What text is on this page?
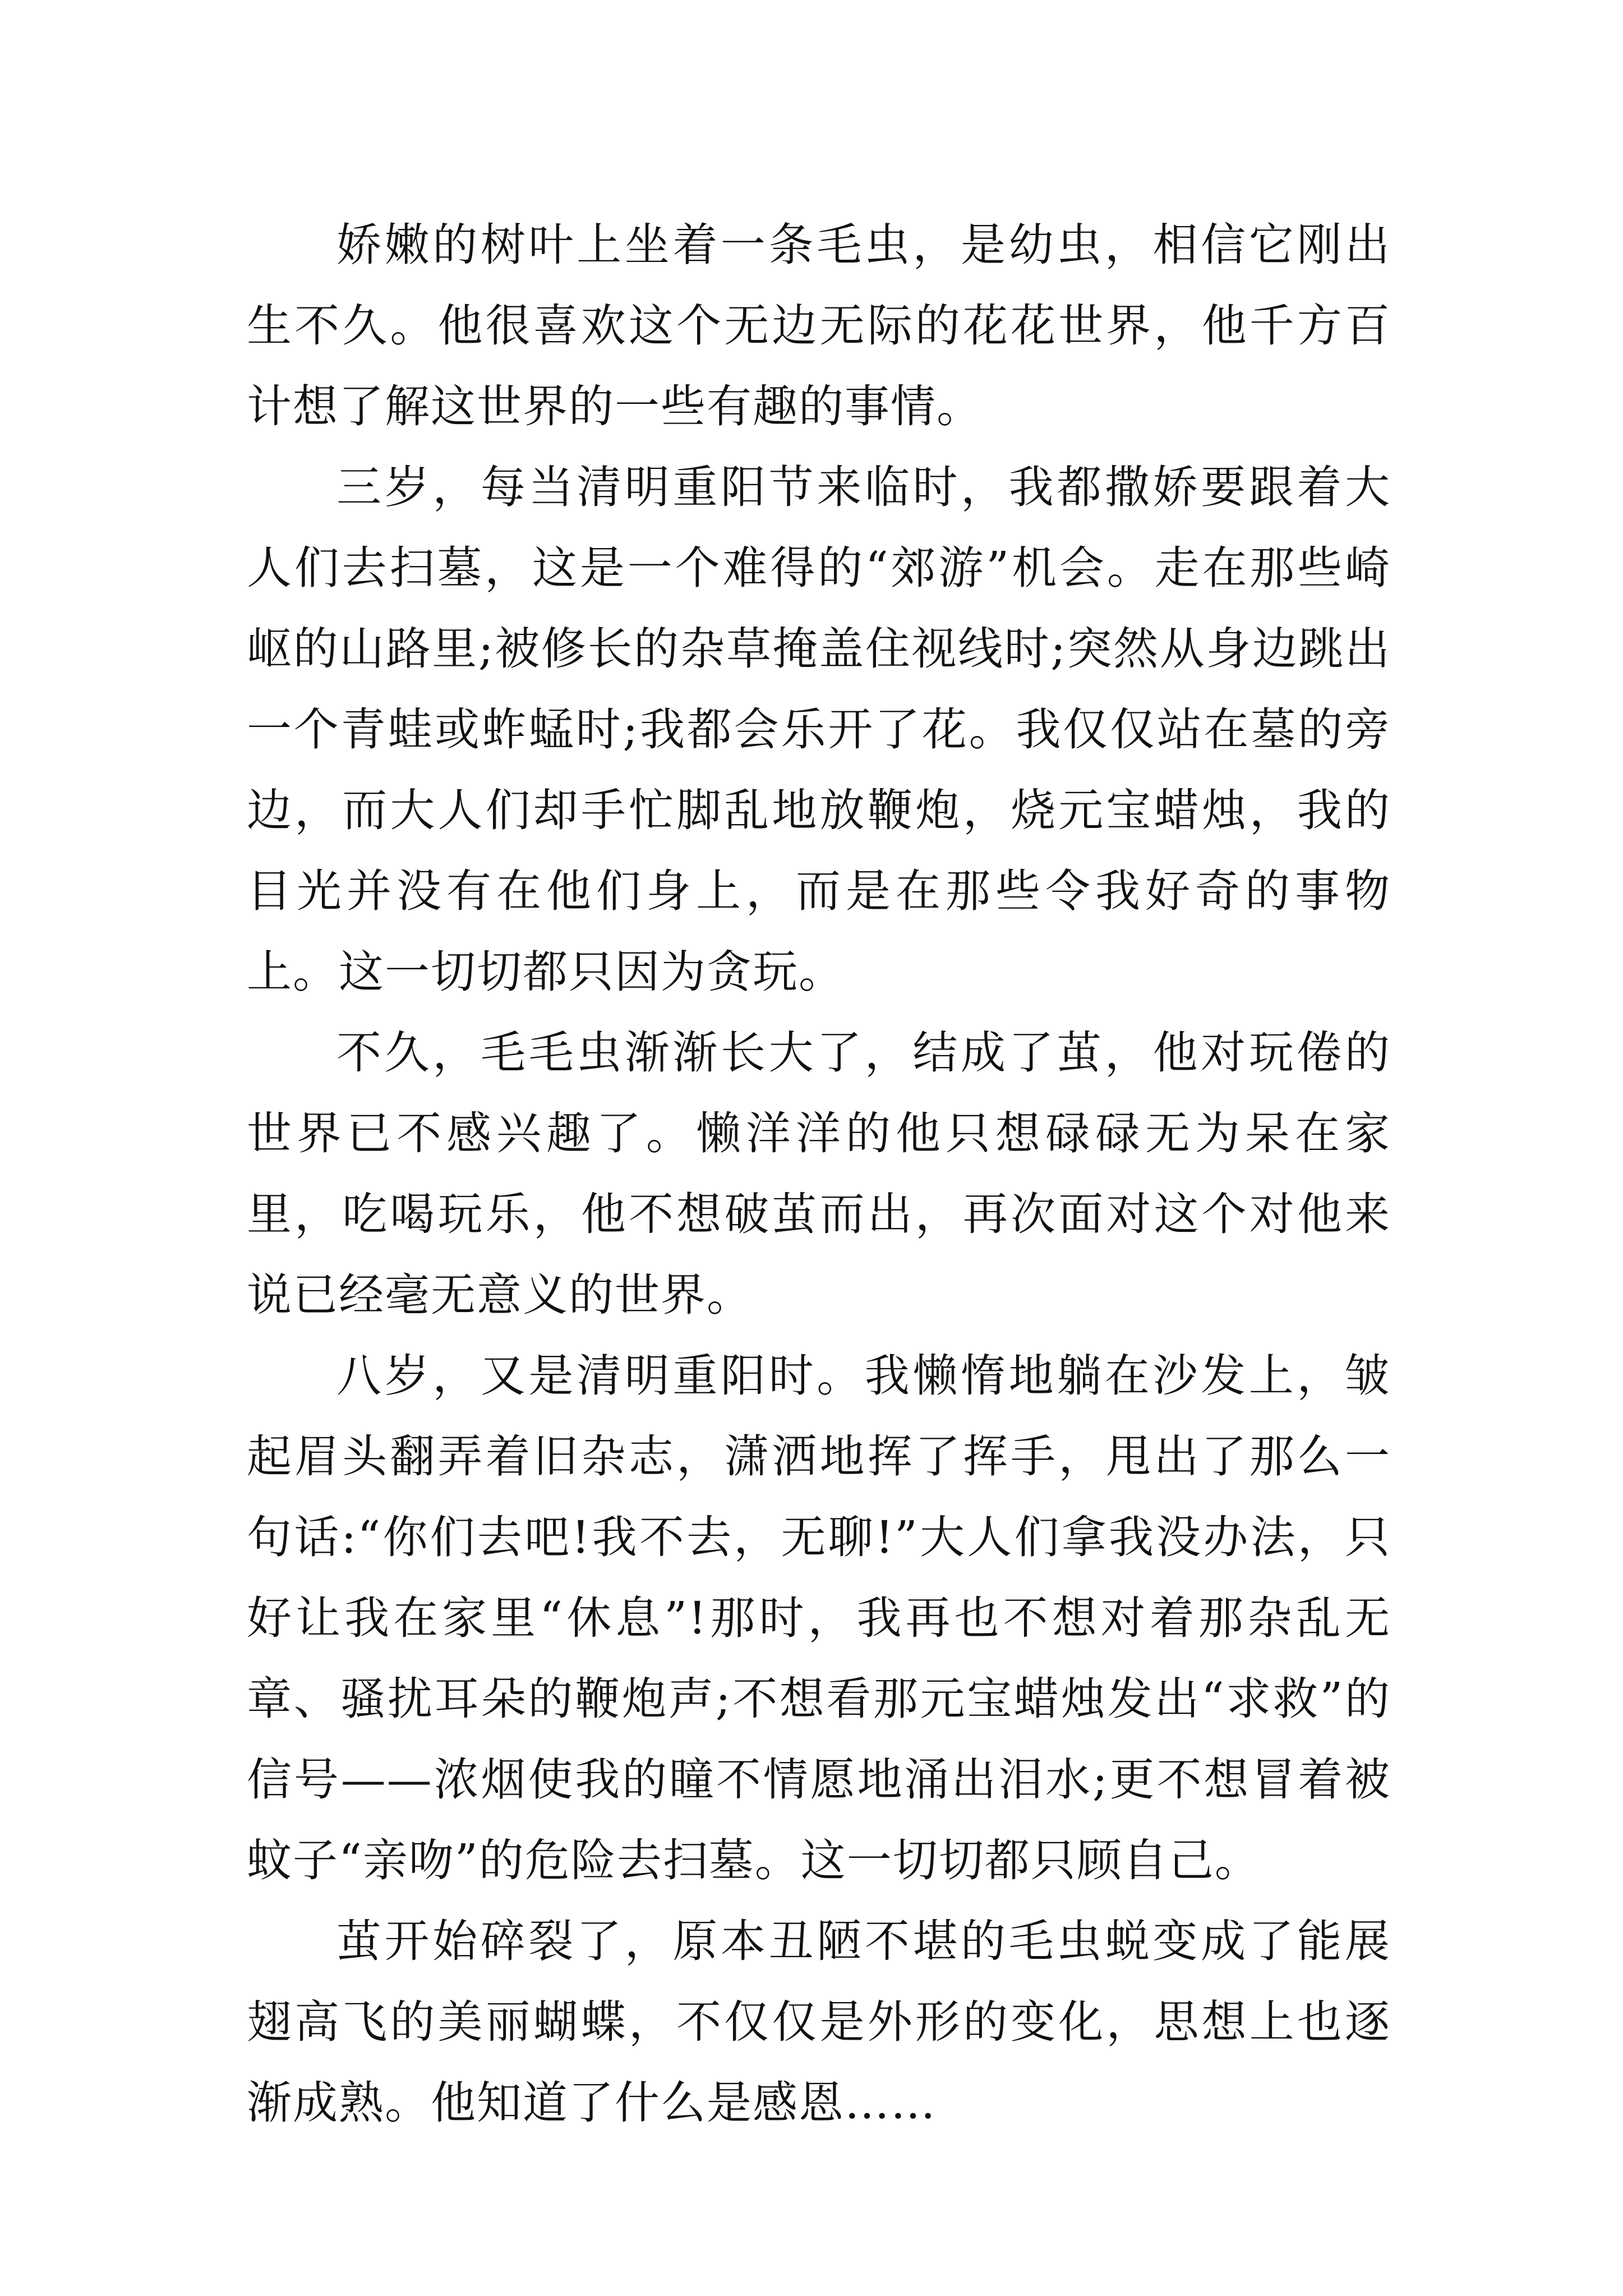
娇嫩的树叶上坐着一条毛虫，是幼虫，相信它刚出生不久。他很喜欢这个无边无际的花花世界，他千方百计想了解这世界的一些有趣的事情。

三岁，每当清明重阳节来临时，我都撒娇要跟着大人们去扫墓，这是一个难得的“郊游”机会。走在那些崎岖的山路里;被修长的杂草掩盖住视线时;突然从身边跳出一个青蛙或蚱蜢时;我都会乐开了花。我仅仅站在墓的旁边，而大人们却手忙脚乱地放鞭炮，烧元宝蜡烛，我的目光并没有在他们身上，而是在那些令我好奇的事物上。这一切切都只因为贪玩。

不久，毛毛虫渐渐长大了，结成了茧，他对玩倦的世界已不感兴趣了。懒洋洋的他只想碌碌无为呆在家里，吃喝玩乐，他不想破茧而出，再次面对这个对他来说已经毫无意义的世界。

八岁，又是清明重阳时。我懒惰地躺在沙发上，皱起眉头翻弄着旧杂志，潇洒地挥了挥手，甩出了那么一句话:“你们去吧!我不去，无聊!”大人们拿我没办法，只好让我在家里“休息”!那时，我再也不想对着那杂乱无章、骚扰耳朵的鞭炮声;不想看那元宝蜡烛发出“求救”的信号——浓烟使我的瞳不情愿地涌出泪水;更不想冒着被蚊子“亲吻”的危险去扫墓。这一切切都只顾自己。

茧开始碎裂了，原本丑陋不堪的毛虫蜕变成了能展翅高飞的美丽蝴蝶，不仅仅是外形的变化，思想上也逐渐成熟。他知道了什么是感恩……
